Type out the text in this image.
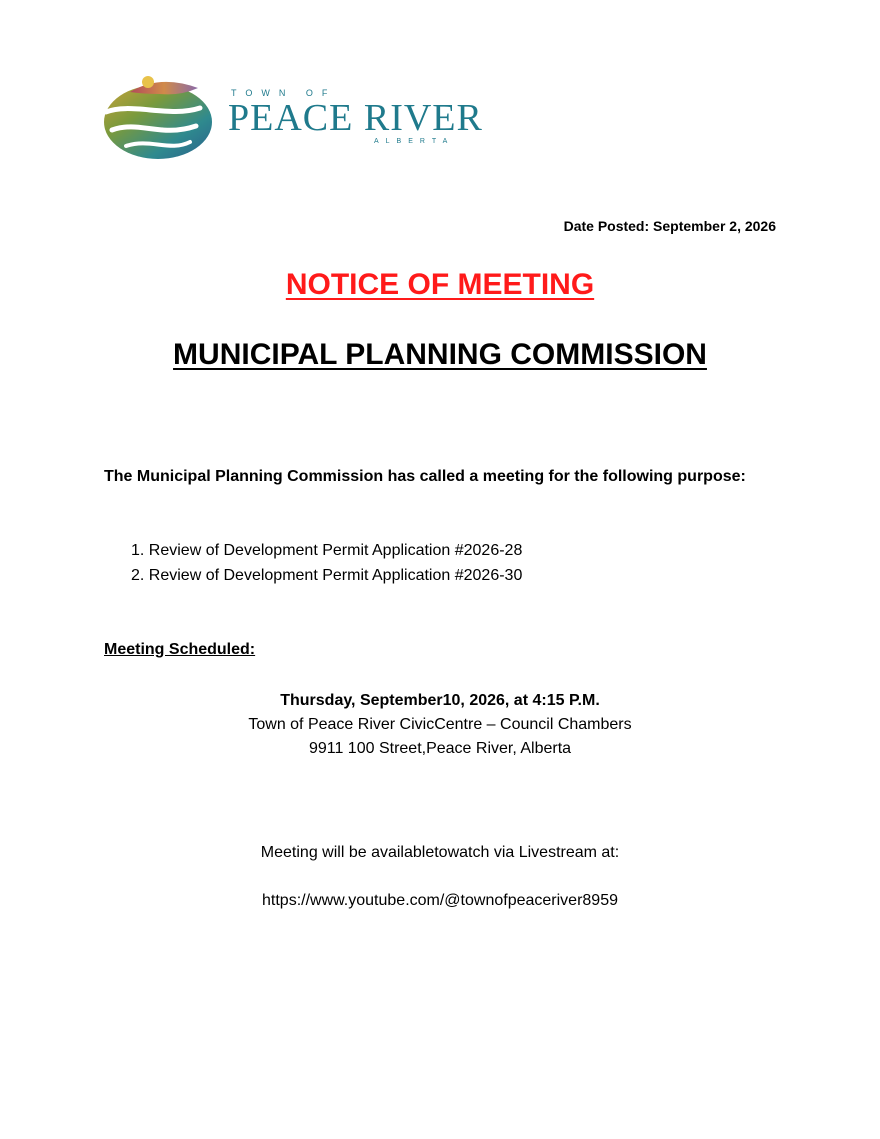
TOWN OF
PEACE RIVER
ALBERTA
Date Posted: September 2, 2026
NOTICE OF MEETING
MUNICIPAL PLANNING COMMISSION
The Municipal Planning Commission has called a meeting for the following purpose:
1. Review of Development Permit Application #2026-28
2. Review of Development Permit Application #2026-30
Meeting Scheduled:
Thursday, September10, 2026, at 4:15 P.M.
Town of Peace River CivicCentre – Council Chambers
9911 100 Street,Peace River, Alberta
Meeting will be availabletowatch via Livestream at:
https://www.youtube.com/@townofpeaceriver8959
